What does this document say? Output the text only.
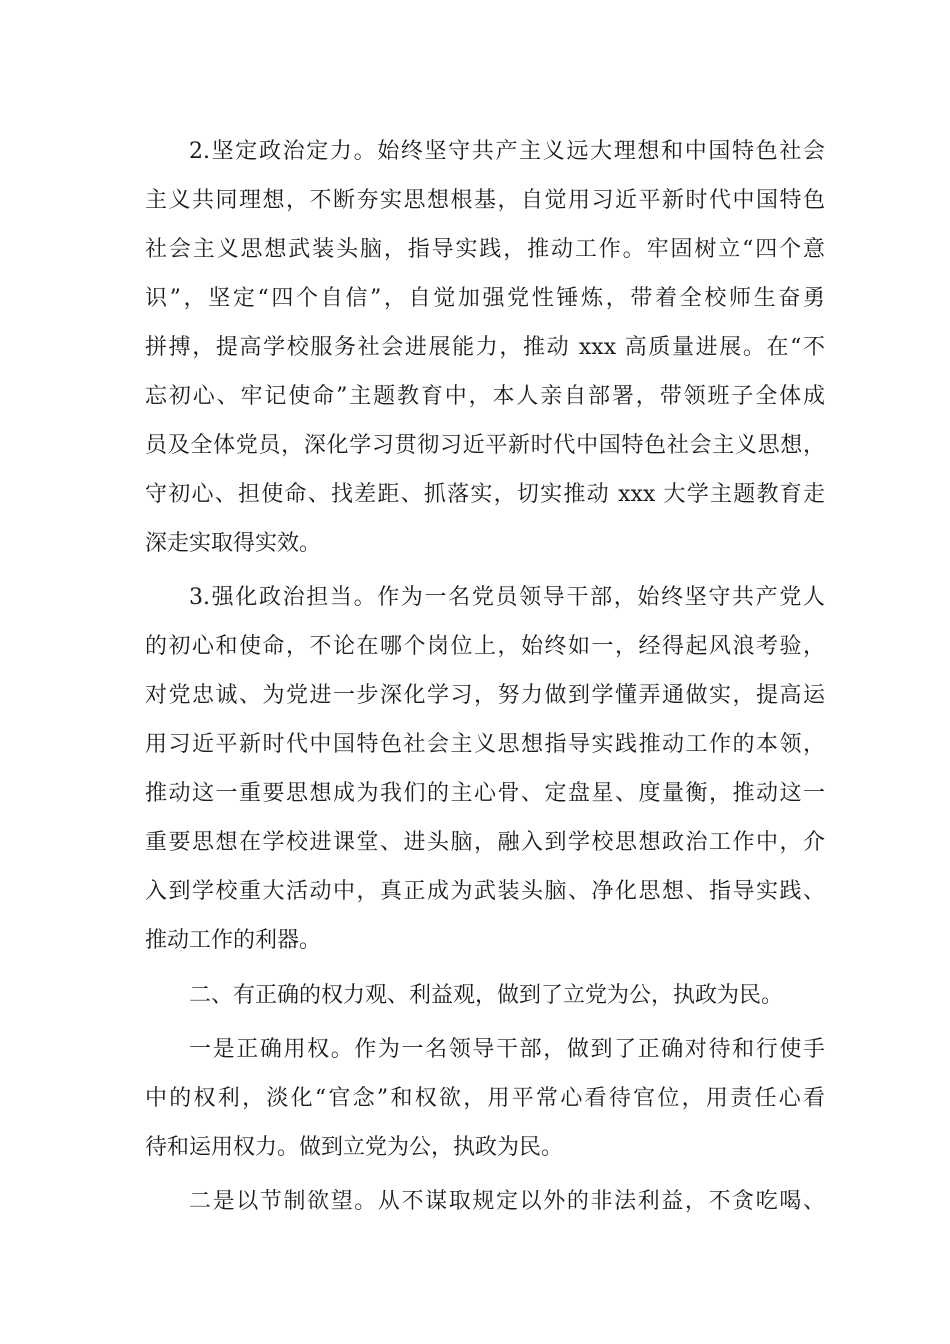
2.坚定政治定力。始终坚守共产主义远大理想和中国特色社会
主义共同理想，不断夯实思想根基，自觉用习近平新时代中国特色
社会主义思想武装头脑，指导实践，推动工作。牢固树立“四个意
识”，坚定“四个自信”，自觉加强党性锤炼，带着全校师生奋勇
拼搏，提高学校服务社会进展能力，推动 xxx 高质量进展。在“不
忘初心、牢记使命”主题教育中，本人亲自部署，带领班子全体成
员及全体党员，深化学习贯彻习近平新时代中国特色社会主义思想，
守初心、担使命、找差距、抓落实，切实推动 xxx 大学主题教育走
深走实取得实效。
3.强化政治担当。作为一名党员领导干部，始终坚守共产党人
的初心和使命，不论在哪个岗位上，始终如一，经得起风浪考验，
对党忠诚、为党进一步深化学习，努力做到学懂弄通做实，提高运
用习近平新时代中国特色社会主义思想指导实践推动工作的本领，
推动这一重要思想成为我们的主心骨、定盘星、度量衡，推动这一
重要思想在学校进课堂、进头脑，融入到学校思想政治工作中，介
入到学校重大活动中，真正成为武装头脑、净化思想、指导实践、
推动工作的利器。
二、有正确的权力观、利益观，做到了立党为公，执政为民。
一是正确用权。作为一名领导干部，做到了正确对待和行使手
中的权利，淡化“官念”和权欲，用平常心看待官位，用责任心看
待和运用权力。做到立党为公，执政为民。
二是以节制欲望。从不谋取规定以外的非法利益，不贪吃喝、
